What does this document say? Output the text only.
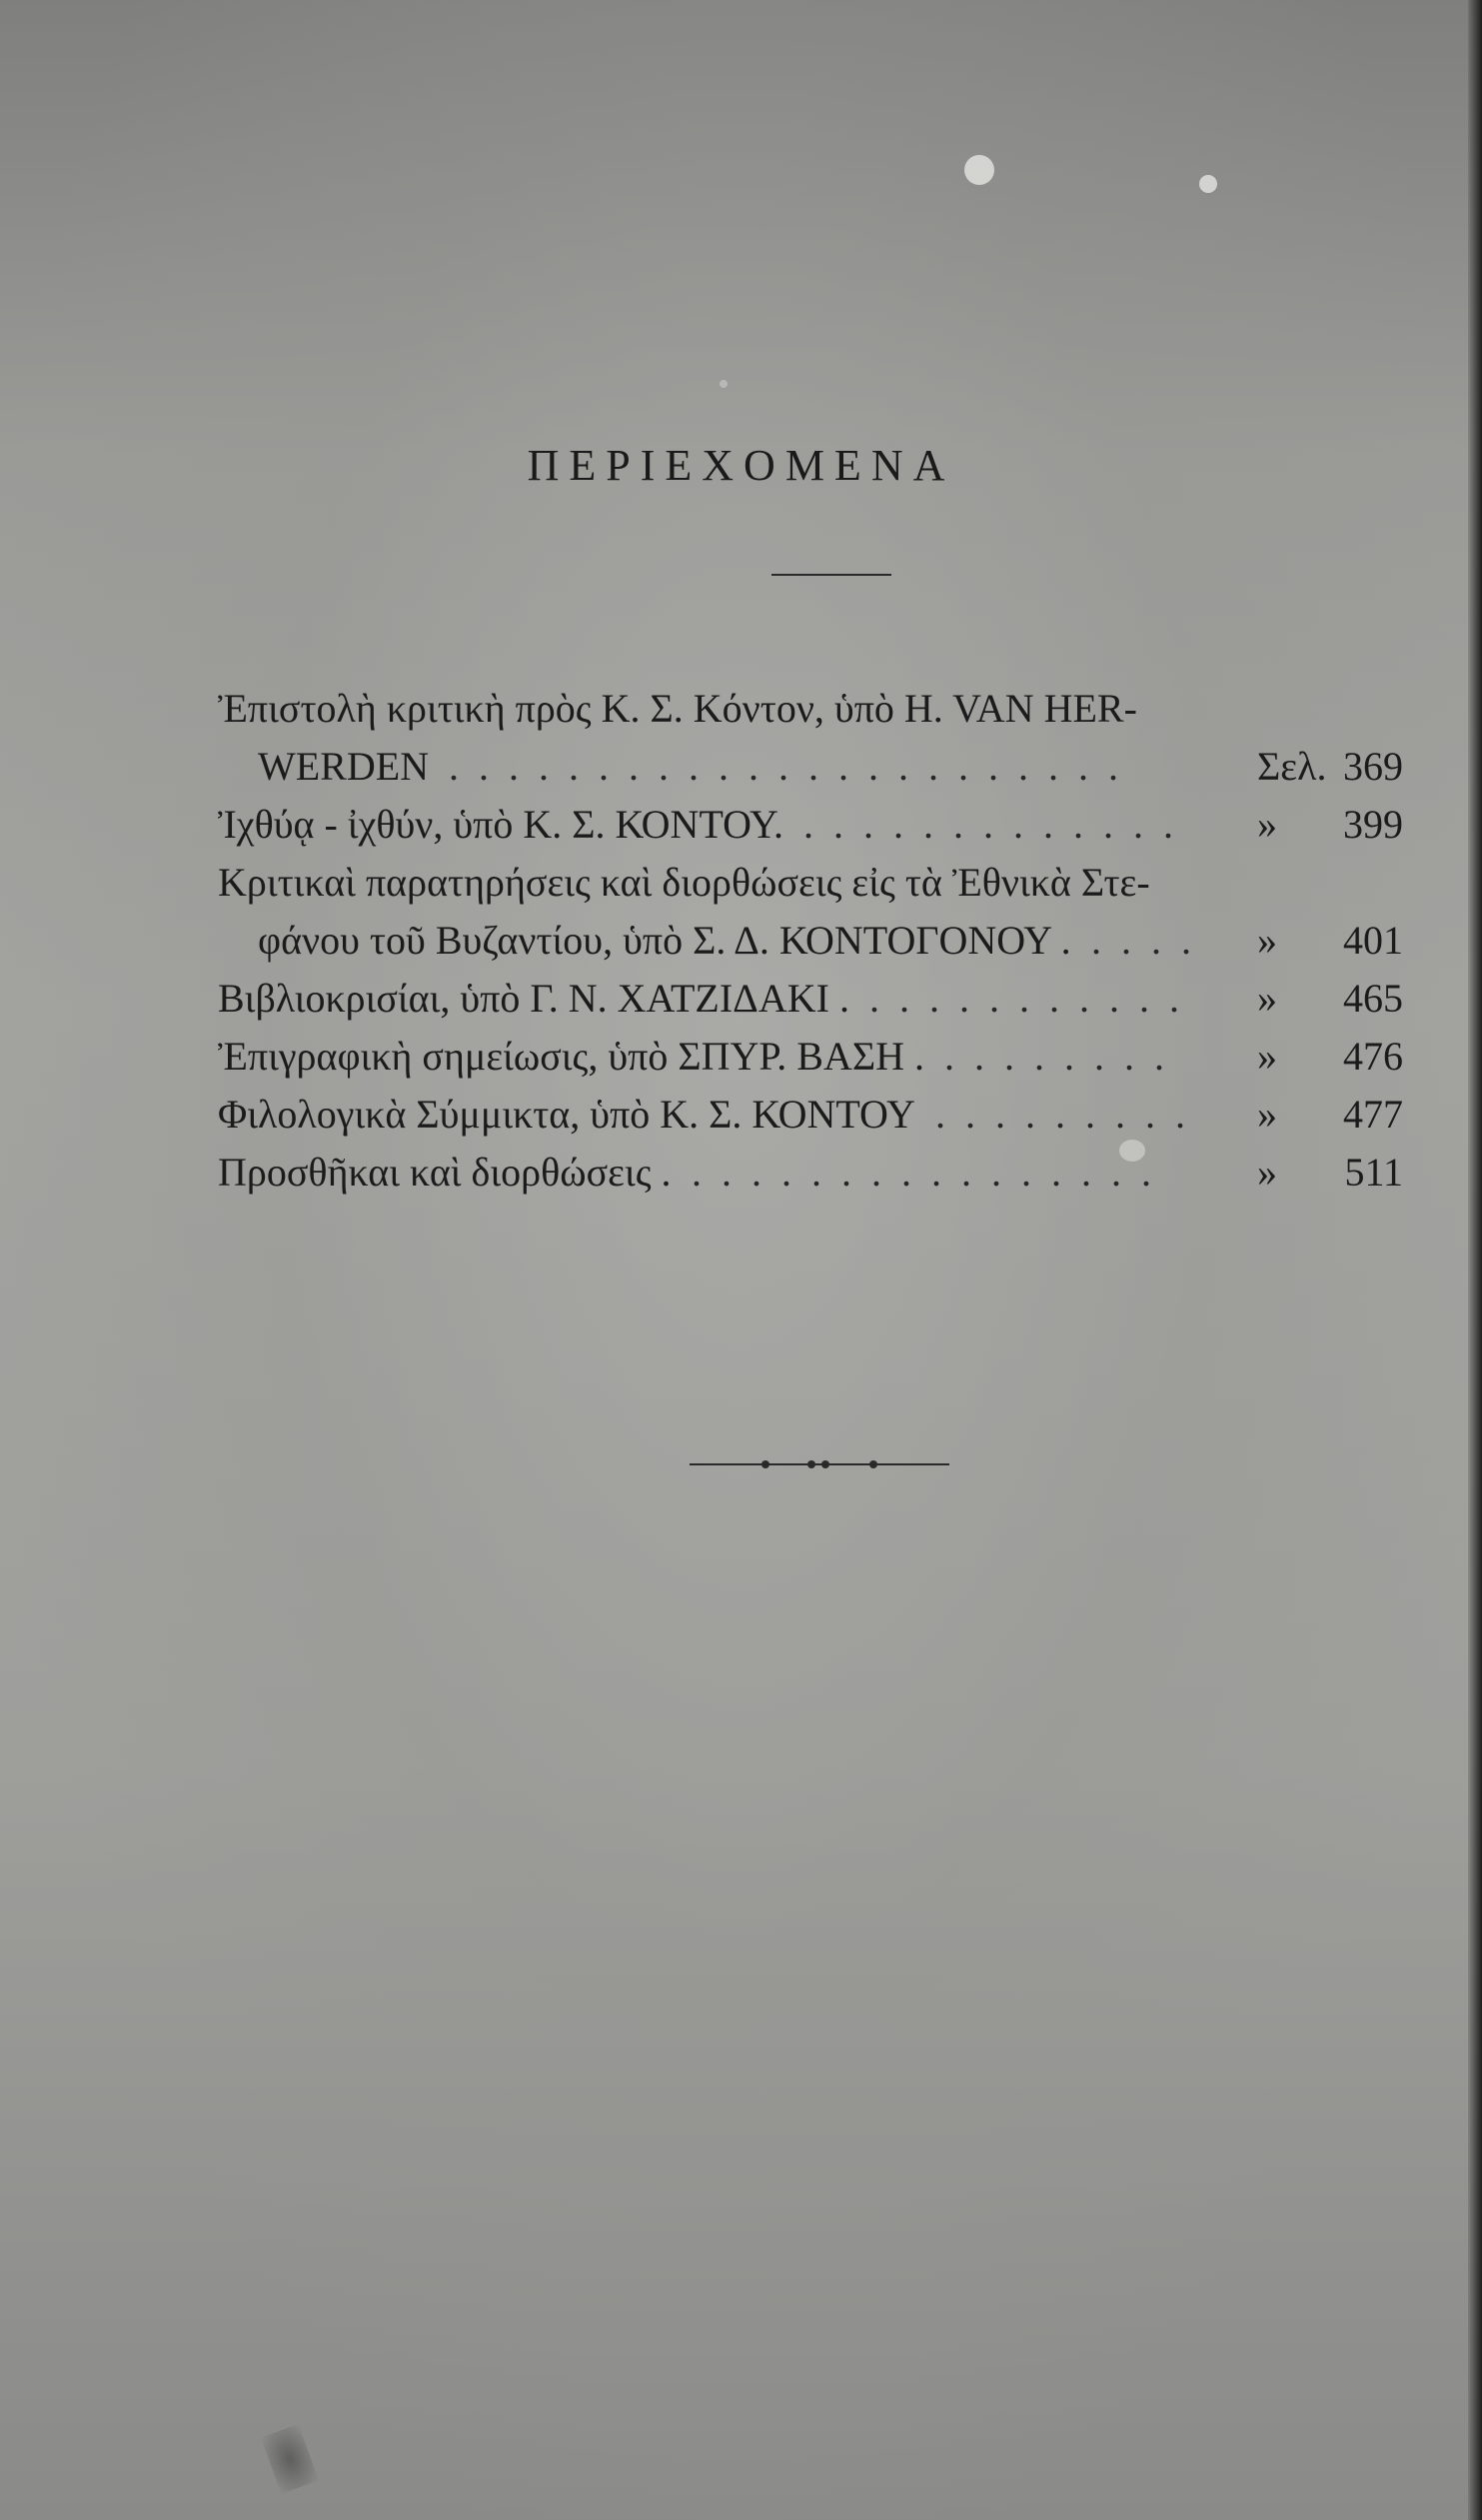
ΠΕΡΙΕΧΟΜΕΝΑ
Ἐπιστολὴ κριτικὴ πρὸς Κ. Σ. Κόντον, ὑπὸ H. VAN HER-
WERDEN .......................	Σελ. 369
Ἰχθύᾳ - ἰχθύν, ὑπὸ Κ. Σ. ΚΟΝΤΟΥ. ............. »	399
Κριτικαὶ παρατηρήσεις καὶ διορθώσεις εἰς τὰ Ἐθνικὰ Στε-
φάνου τοῦ Βυζαντίου, ὑπὸ Σ. Δ. ΚΟΝΤΟΓΟΝΟΥ . .... »	401
Βιβλιοκρισίαι, ὑπὸ Γ. Ν. ΧΑΤΖΙΔΑΚΙ . ........... »	465
Ἐπιγραφικὴ σημείωσις, ὑπὸ ΣΠΥΡ. ΒΑΣΗ . ........ »	476
Φιλολογικὰ Σύμμικτα, ὑπὸ Κ. Σ. ΚΟΝΤΟΥ ......... »	477
Προσθῆκαι καὶ διορθώσεις . ................ »	511
